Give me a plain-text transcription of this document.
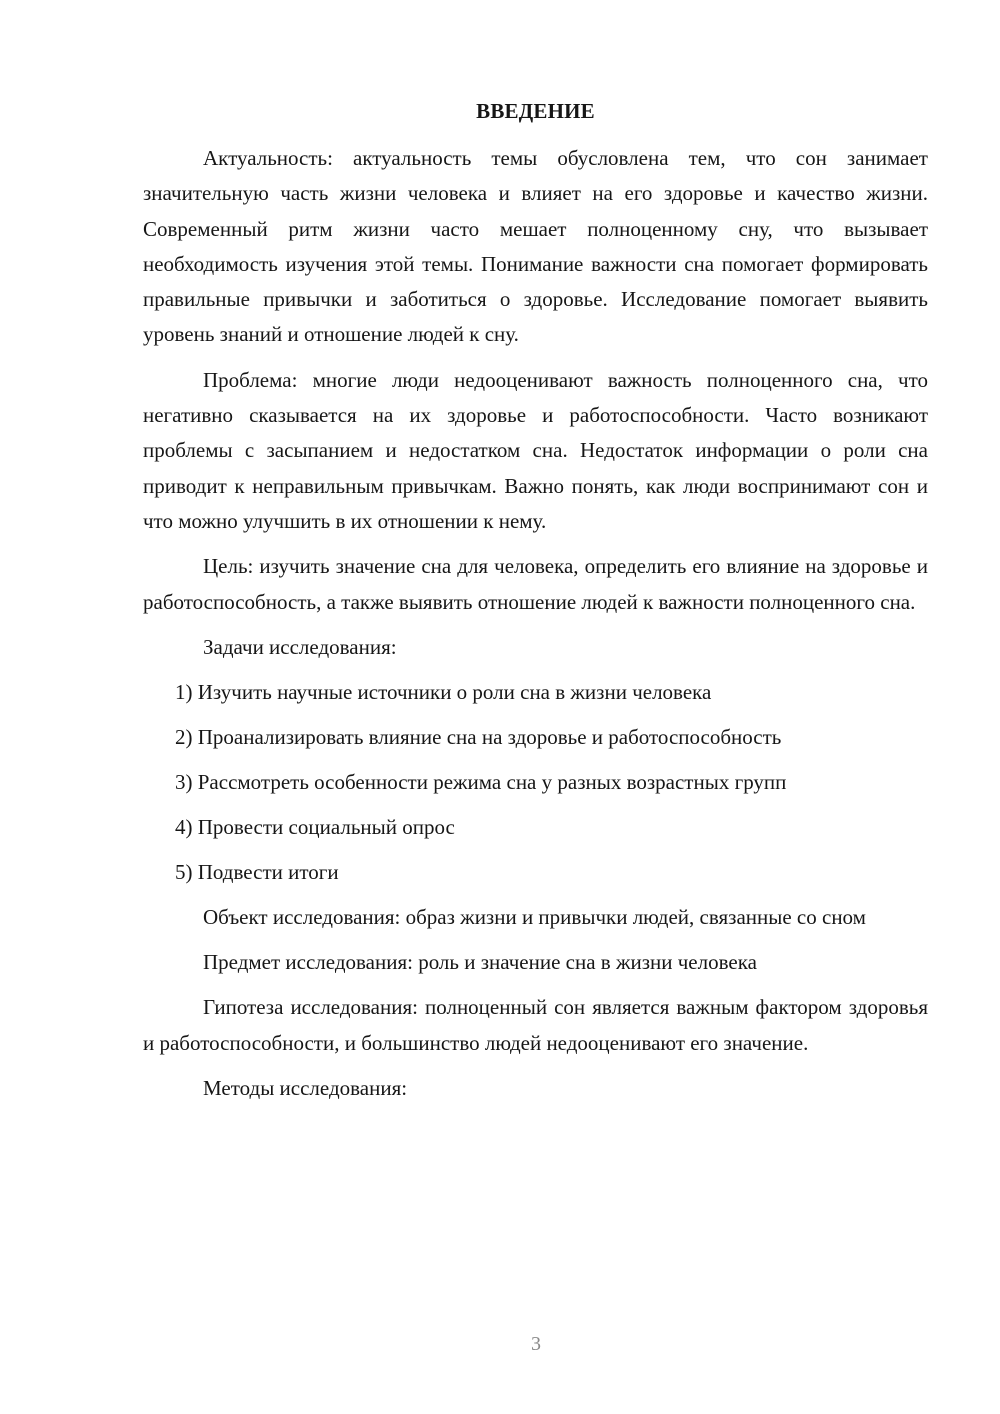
ВВЕДЕНИЕ

Актуальность: актуальность темы обусловлена тем, что сон занимает значительную часть жизни человека и влияет на его здоровье и качество жизни. Современный ритм жизни часто мешает полноценному сну, что вызывает необходимость изучения этой темы. Понимание важности сна помогает формировать правильные привычки и заботиться о здоровье. Исследование помогает выявить уровень знаний и отношение людей к сну.

Проблема: многие люди недооценивают важность полноценного сна, что негативно сказывается на их здоровье и работоспособности. Часто возникают проблемы с засыпанием и недостатком сна. Недостаток информации о роли сна приводит к неправильным привычкам. Важно понять, как люди воспринимают сон и что можно улучшить в их отношении к нему.

Цель: изучить значение сна для человека, определить его влияние на здоровье и работоспособность, а также выявить отношение людей к важности полноценного сна.

Задачи исследования:

1) Изучить научные источники о роли сна в жизни человека
2) Проанализировать влияние сна на здоровье и работоспособность
3) Рассмотреть особенности режима сна у разных возрастных групп
4) Провести социальный опрос
5) Подвести итоги

Объект исследования: образ жизни и привычки людей, связанные со сном

Предмет исследования: роль и значение сна в жизни человека

Гипотеза исследования: полноценный сон является важным фактором здоровья и работоспособности, и большинство людей недооценивают его значение.

Методы исследования:

3
